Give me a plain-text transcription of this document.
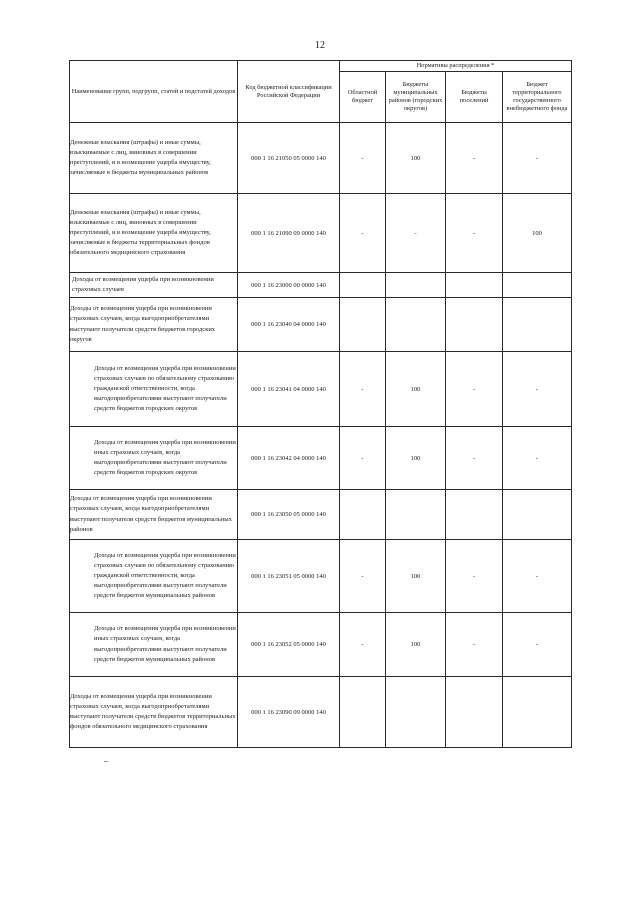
12
Наименование групп, подгрупп, статей и подстатей доходов	Код бюджетной классификации Российской Федерации	Нормативы распределения *			
		Областной бюджет	Бюджеты муниципальных районов (городских округов)	Бюджеты поселений	Бюджет территориального государственного внебюджетного фонда
Денежные взыскания (штрафы) и иные суммы, взыскиваемые с лиц, виновных в совершении преступлений, и в возмещение ущерба имуществу, зачисляемые в бюджеты муниципальных районов	000 1 16 21050 05 0000 140	-	100	-	-
Денежные взыскания (штрафы) и иные суммы, взыскиваемые с лиц, виновных в совершении преступлений, и в возмещение ущерба имуществу, зачисляемые в бюджеты территориальных фондов обязательного медицинского страхования	000 1 16 21090 09 0000 140	-	-	-	100
Доходы от возмещения ущерба при возникновении страховых случаев	000 1 16 23000 00 0000 140				
Доходы от возмещения ущерба при возникновении страховых случаев, когда выгодоприобретателями выступают получатели средств бюджетов городских округов	000 1 16 23040 04 0000 140				
Доходы от возмещения ущерба при возникновении страховых случаев по обязательному страхованию гражданской ответственности, когда выгодоприобретателями выступают получатели средств бюджетов городских округов	000 1 16 23041 04 0000 140	-	100	-	-
Доходы от возмещения ущерба при возникновении иных страховых случаев, когда выгодоприобретателями выступают получатели средств бюджетов городских округов	000 1 16 23042 04 0000 140	-	100	-	-
Доходы от возмещения ущерба при возникновении страховых случаев, когда выгодоприобретателями выступают получатели средств бюджетов муниципальных районов	000 1 16 23050 05 0000 140				
Доходы от возмещения ущерба при возникновении страховых случаев по обязательному страхованию гражданской ответственности, когда выгодоприобретателями выступают получатели средств бюджетов муниципальных районов	000 1 16 23051 05 0000 140	-	100	-	-
Доходы от возмещения ущерба при возникновении иных страховых случаев, когда выгодоприобретателями выступают получатели средств бюджетов муниципальных районов	000 1 16 23052 05 0000 140	-	100	-	-
Доходы от возмещения ущерба при возникновении страховых случаев, когда выгодоприобретателями выступают получатели средств бюджетов территориальных фондов обязательного медицинского страхования	000 1 16 23090 09 0000 140				
